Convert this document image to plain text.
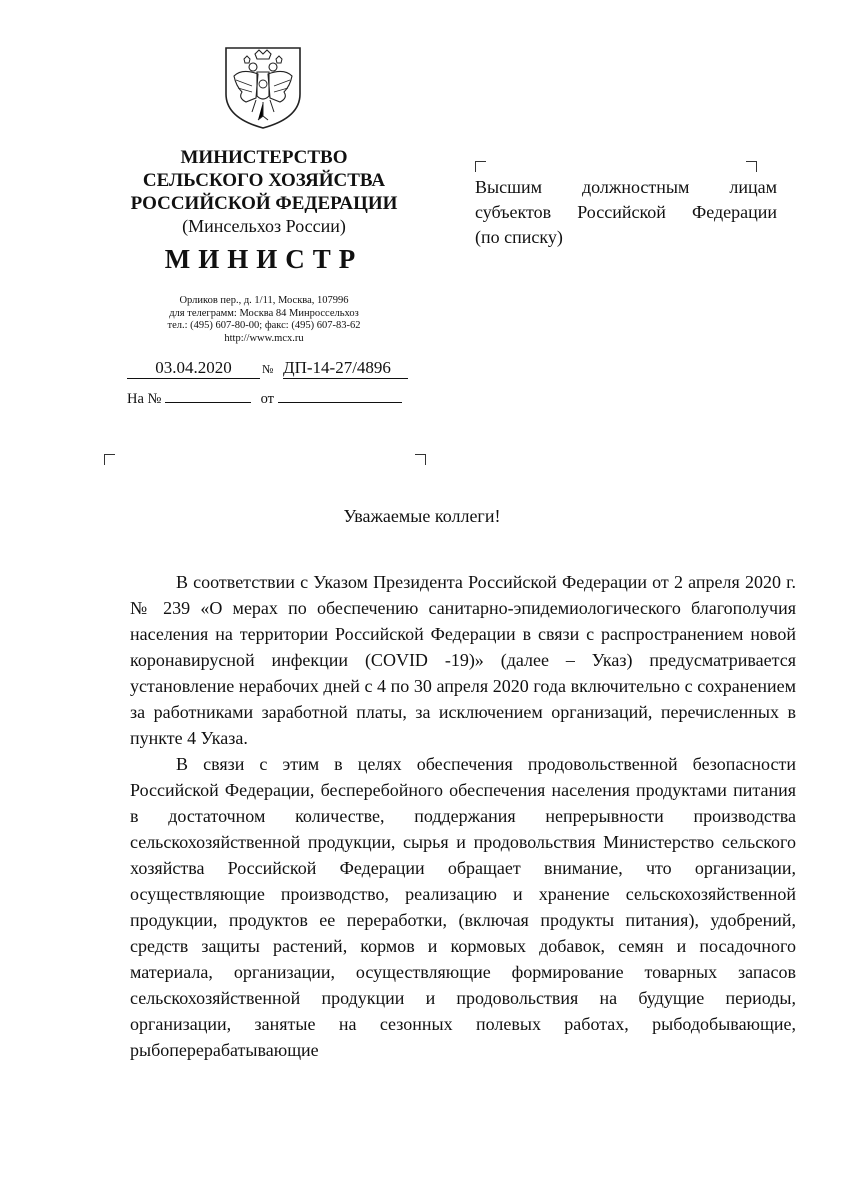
МИНИСТЕРСТВО
СЕЛЬСКОГО ХОЗЯЙСТВА
РОССИЙСКОЙ ФЕДЕРАЦИИ
(Минсельхоз России)
МИНИСТР
Орликов пер., д. 1/11, Москва, 107996
для телеграмм: Москва 84 Минроссельхоз
тел.: (495) 607-80-00; факс: (495) 607-83-62
http://www.mcx.ru
03.04.2020	№ ДП-14-27/4896
На №	от
Высшим должностным лицам
субъектов Российской Федерации
(по списку)
Уважаемые коллеги!

В соответствии с Указом Президента Российской Федерации от 2 апреля 2020 г. № 239 «О мерах по обеспечению санитарно-эпидемиологического благополучия населения на территории Российской Федерации в связи с распространением новой коронавирусной инфекции (COVID -19)» (далее – Указ) предусматривается установление нерабочих дней с 4 по 30 апреля 2020 года включительно с сохранением за работниками заработной платы, за исключением организаций, перечисленных в пункте 4 Указа.

В связи с этим в целях обеспечения продовольственной безопасности Российской Федерации, бесперебойного обеспечения населения продуктами питания в достаточном количестве, поддержания непрерывности производства сельскохозяйственной продукции, сырья и продовольствия Министерство сельского хозяйства Российской Федерации обращает внимание, что организации, осуществляющие производство, реализацию и хранение сельскохозяйственной продукции, продуктов ее переработки, (включая продукты питания), удобрений, средств защиты растений, кормов и кормовых добавок, семян и посадочного материала, организации, осуществляющие формирование товарных запасов сельскохозяйственной продукции и продовольствия на будущие периоды, организации, занятые на сезонных полевых работах, рыбодобывающие, рыбоперерабатывающие
